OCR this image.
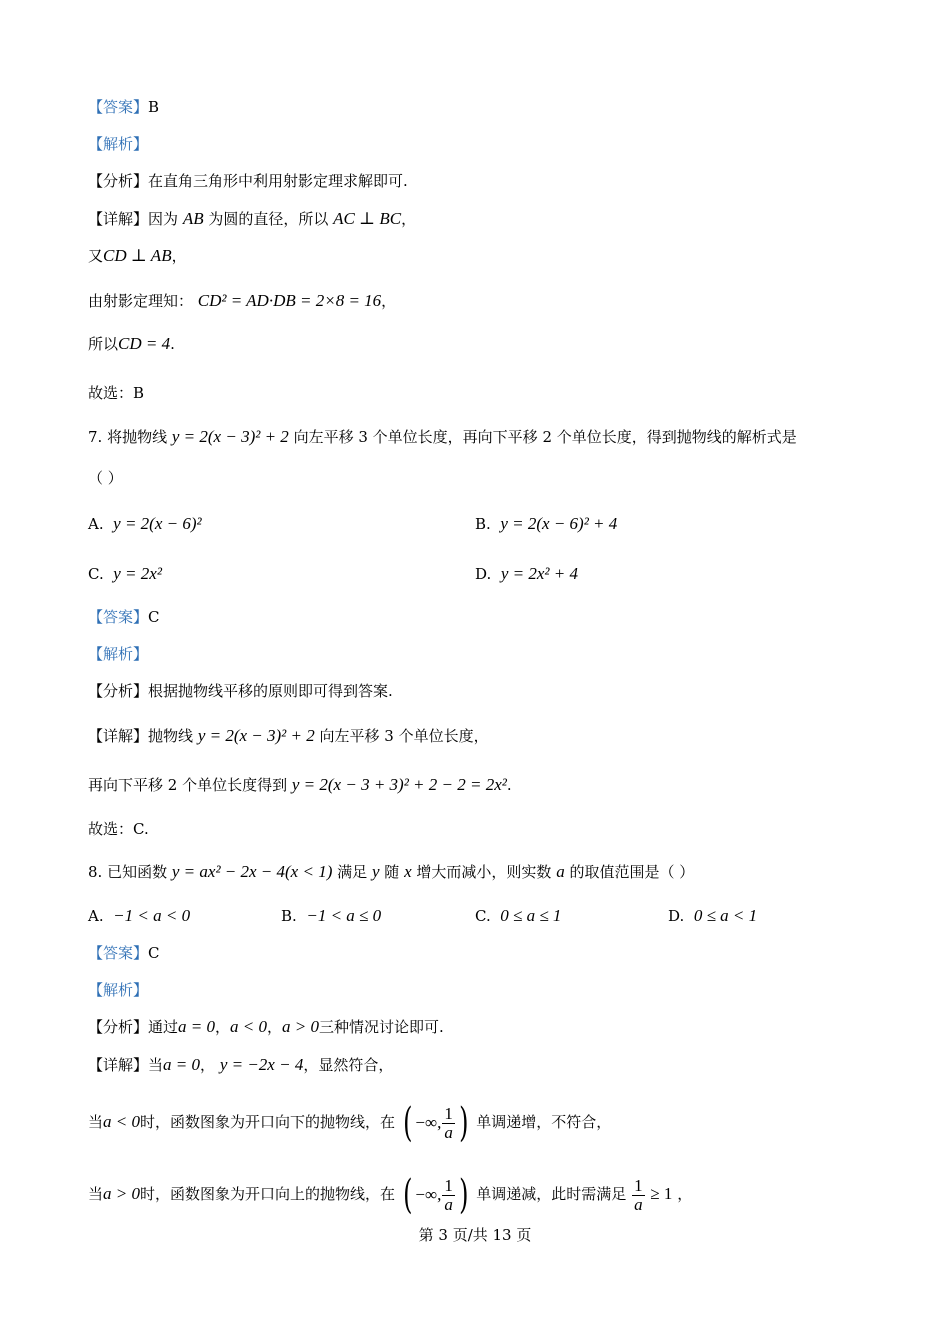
【答案】B
【解析】
【分析】在直角三角形中利用射影定理求解即可.
【详解】因为 AB 为圆的直径，所以 AC ⊥ BC，
又CD ⊥ AB，
由射影定理知： CD² = AD·DB = 2×8 = 16，
所以CD = 4.
故选：B
7. 将抛物线 y = 2(x − 3)² + 2 向左平移 3 个单位长度，再向下平移 2 个单位长度，得到抛物线的解析式是
（ ）
A. y = 2(x − 6)²	B. y = 2(x − 6)² + 4
C. y = 2x²	D. y = 2x² + 4
【答案】C
【解析】
【分析】根据抛物线平移的原则即可得到答案.
【详解】抛物线 y = 2(x − 3)² + 2 向左平移 3 个单位长度，
再向下平移 2 个单位长度得到 y = 2(x − 3 + 3)² + 2 − 2 = 2x².
故选：C.
8. 已知函数 y = ax² − 2x − 4(x < 1) 满足 y 随 x 增大而减小，则实数 a 的取值范围是（ ）
A. −1 < a < 0	B. −1 < a ≤ 0	C. 0 ≤ a ≤ 1	D. 0 ≤ a < 1
【答案】C
【解析】
【分析】通过a = 0，a < 0，a > 0三种情况讨论即可.
【详解】当a = 0， y = −2x − 4，显然符合，
当a < 0时，函数图象为开口向下的抛物线，在 ( −∞, $\frac{1}{a}$ ) 单调递增，不符合，
当a > 0时，函数图象为开口向上的抛物线，在 ( −∞, $\frac{1}{a}$ ) 单调递减，此时需满足 $\frac{1}{a} \ge 1$ ，
第 3 页/共 13 页
